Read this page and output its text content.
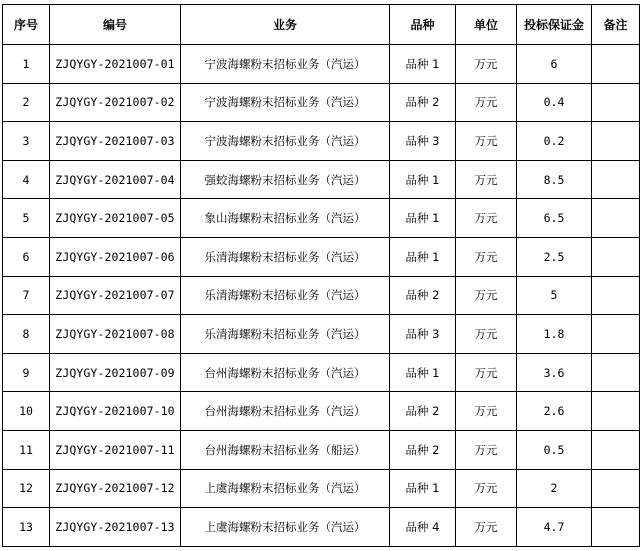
序号	编号	业务	品种	单位	投标保证金	备注
1	ZJQYGY-2021007-01	宁波海螺粉末招标业务（汽运）	品种 1	万元	6	
2	ZJQYGY-2021007-02	宁波海螺粉末招标业务（汽运）	品种 2	万元	0.4	
3	ZJQYGY-2021007-03	宁波海螺粉末招标业务（汽运）	品种 3	万元	0.2	
4	ZJQYGY-2021007-04	强蛟海螺粉末招标业务（汽运）	品种 1	万元	8.5	
5	ZJQYGY-2021007-05	象山海螺粉末招标业务（汽运）	品种 1	万元	6.5	
6	ZJQYGY-2021007-06	乐清海螺粉末招标业务（汽运）	品种 1	万元	2.5	
7	ZJQYGY-2021007-07	乐清海螺粉末招标业务（汽运）	品种 2	万元	5	
8	ZJQYGY-2021007-08	乐清海螺粉末招标业务（汽运）	品种 3	万元	1.8	
9	ZJQYGY-2021007-09	台州海螺粉末招标业务（汽运）	品种 1	万元	3.6	
10	ZJQYGY-2021007-10	台州海螺粉末招标业务（汽运）	品种 2	万元	2.6	
11	ZJQYGY-2021007-11	台州海螺粉末招标业务（船运）	品种 2	万元	0.5	
12	ZJQYGY-2021007-12	上虞海螺粉末招标业务（汽运）	品种 1	万元	2	
13	ZJQYGY-2021007-13	上虞海螺粉末招标业务（汽运）	品种 4	万元	4.7	
